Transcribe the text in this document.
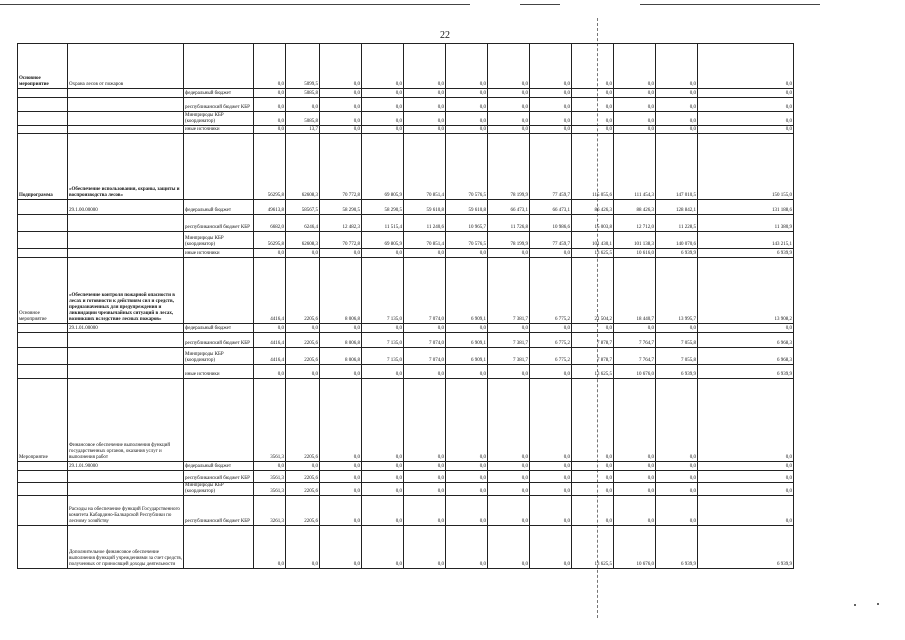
22
Основное мероприятие	Охрана лесов от пожаров		0,0	5099,5	0,0	0,0	0,0	0,0	0,0	0,0	0,0	0,0	0,0	0,0
		федеральный бюджет	0,0	5085,8	0,0	0,0	0,0	0,0	0,0	0,0	0,0	0,0	0,0	0,0
		республиканский бюджет КБР	0,0	0,0	0,0	0,0	0,0	0,0	0,0	0,0	0,0	0,0	0,0	0,0
		Минприроды КБР (координатор)	0,0	5085,8	0,0	0,0	0,0	0,0	0,0	0,0	0,0	0,0	0,0	0,0
		иные источники	0,0	13,7	0,0	0,0	0,0	0,0	0,0	0,0	0,0	0,0	0,0	0,0
Подпрограмма	«Обеспечение использования, охраны, защиты и воспроизводства лесов»		56295,8	62608,3	70 772,8	69 805,9	70 851,4	70 576,5	78 199,9	77 459,7	115 055,6	111 454,3	147 010,5	150 155,0
	29.1.00.00000	федеральный бюджет	49613,8	58567,5	58 290,5	58 290,5	59 610,8	59 610,8	66 473,1	66 473,1	86 426,3	88 426,3	128 842,1	131 188,6
		республиканский бюджет КБР	6682,0	6246,4	12 482,3	11 515,4	11 240,6	10 965,7	11 726,8	10 986,6	15 003,8	12 712,0	11 228,5	11 380,9
		Минприроды КБР (координатор)	56295,8	62608,3	70 772,8	69 805,9	70 851,4	70 576,5	78 199,9	77 459,7	101 430,1	101 138,3	140 070,6	143 215,1
		иные источники	0,0	0,0	0,0	0,0	0,0	0,0	0,0	0,0	13 625,5	10 616,0	6 939,9	6 939,9
Основное мероприятие	«Обеспечение контроля пожарной опасности в лесах и готовности к действиям сил и средств, предназначенных для предупреждения и ликвидации чрезвычайных ситуаций в лесах, возникших вследствие лесных пожаров»		4416,4	2205,6	8 006,8	7 135,0	7 074,0	6 909,1	7 381,7	6 775,2	21 504,2	18 440,7	13 995,7	13 908,2
	29.1.01.00000	федеральный бюджет	0,0	0,0	0,0	0,0	0,0	0,0	0,0	0,0	0,0	0,0	0,0	0,0
		республиканский бюджет КБР	4416,4	2205,6	8 006,8	7 135,0	7 074,0	6 909,1	7 381,7	6 775,2	7 878,7	7 764,7	7 055,8	6 968,3
		Минприроды КБР (координатор)	4416,4	2205,6	8 006,8	7 135,0	7 074,0	6 909,1	7 381,7	6 775,2	7 878,7	7 764,7	7 055,8	6 968,3
		иные источники	0,0	0,0	0,0	0,0	0,0	0,0	0,0	0,0	13 625,5	10 676,0	6 939,9	6 939,9
Мероприятие	Финансовое обеспечение выполнения функций государственных органов, оказания услуг и выполнения работ		3561,3	2205,6	0,0	0,0	0,0	0,0	0,0	0,0	0,0	0,0	0,0	0,0
	29.1.01.90000	федеральный бюджет	0,0	0,0	0,0	0,0	0,0	0,0	0,0	0,0	0,0	0,0	0,0	0,0
		республиканский бюджет КБР	3561,3	2205,6	0,0	0,0	0,0	0,0	0,0	0,0	0,0	0,0	0,0	0,0
		Минприроды КБР (координатор)	3561,3	2205,6	0,0	0,0	0,0	0,0	0,0	0,0	0,0	0,0	0,0	0,0
	Расходы на обеспечение функций Государственного комитета Кабардино-Балкарской Республики по лесному хозяйству	республиканский бюджет КБР	3261,3	2205,6	0,0	0,0	0,0	0,0	0,0	0,0	0,0	0,0	0,0	0,0
	Дополнительное финансовое обеспечение выполнения функций учреждениями за счет средств, полученных от приносящей доходы деятельности		0,0	0,0	0,0	0,0	0,0	0,0	0,0	0,0	13 625,5	10 676,0	6 939,9	6 939,9
